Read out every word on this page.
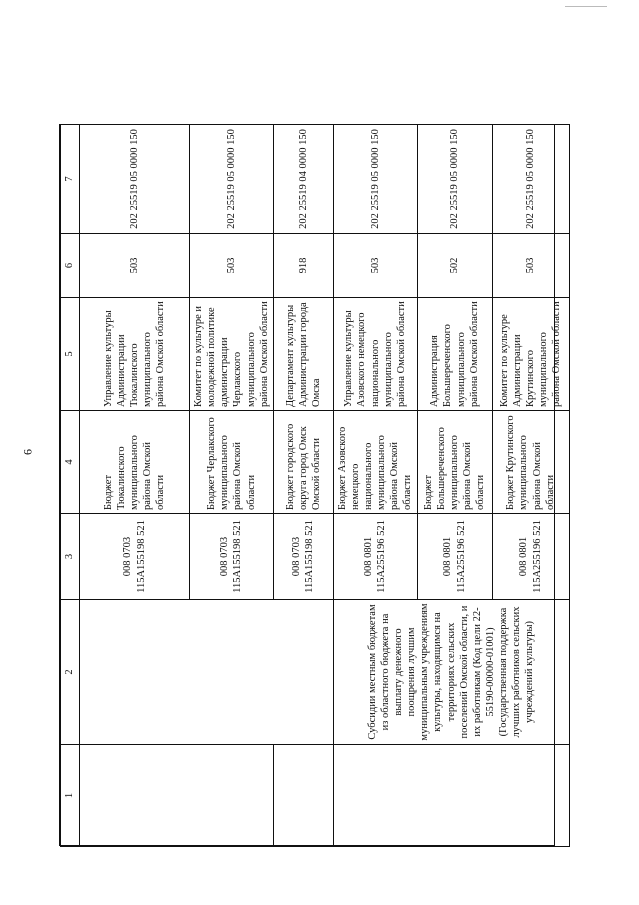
6
1	2	3	4	5	6	7
		008 0703 115A155198 521	Бюджет Тюкалинского муниципального района Омской области	Управление культуры Администрации Тюкалинского муниципального района Омской области	503	202 25519 05 0000 150
		008 0703 115A155198 521	Бюджет Черлакского муниципального района Омской области	Комитет по культуре и молодежной политике администрации Черлакского муниципального района Омской области	503	202 25519 05 0000 150
		008 0703 115A155198 521	Бюджет городского округа город Омск Омской области	Департамент культуры Администрации города Омска	918	202 25519 04 0000 150
	Субсидии местным бюджетам из областного бюджета на выплату денежного поощрения лучшим муниципальным учреждениям культуры, находящимся на территориях сельских поселений Омской области, и их работникам (Код цели 22-55190-00000-01001) (Государственная поддержка лучших работников сельских учреждений культуры)	008 0801 115A255196 521	Бюджет Азовского немецкого национального муниципального района Омской области	Управление культуры Азовского немецкого национального муниципального района Омской области	503	202 25519 05 0000 150
		008 0801 115A255196 521	Бюджет Большереченского муниципального района Омской области	Администрация Большереченского муниципального района Омской области	502	202 25519 05 0000 150
		008 0801 115A255196 521	Бюджет Крутинского муниципального района Омской области	Комитет по культуре Администрации Крутинского муниципального района Омской области	503	202 25519 05 0000 150
